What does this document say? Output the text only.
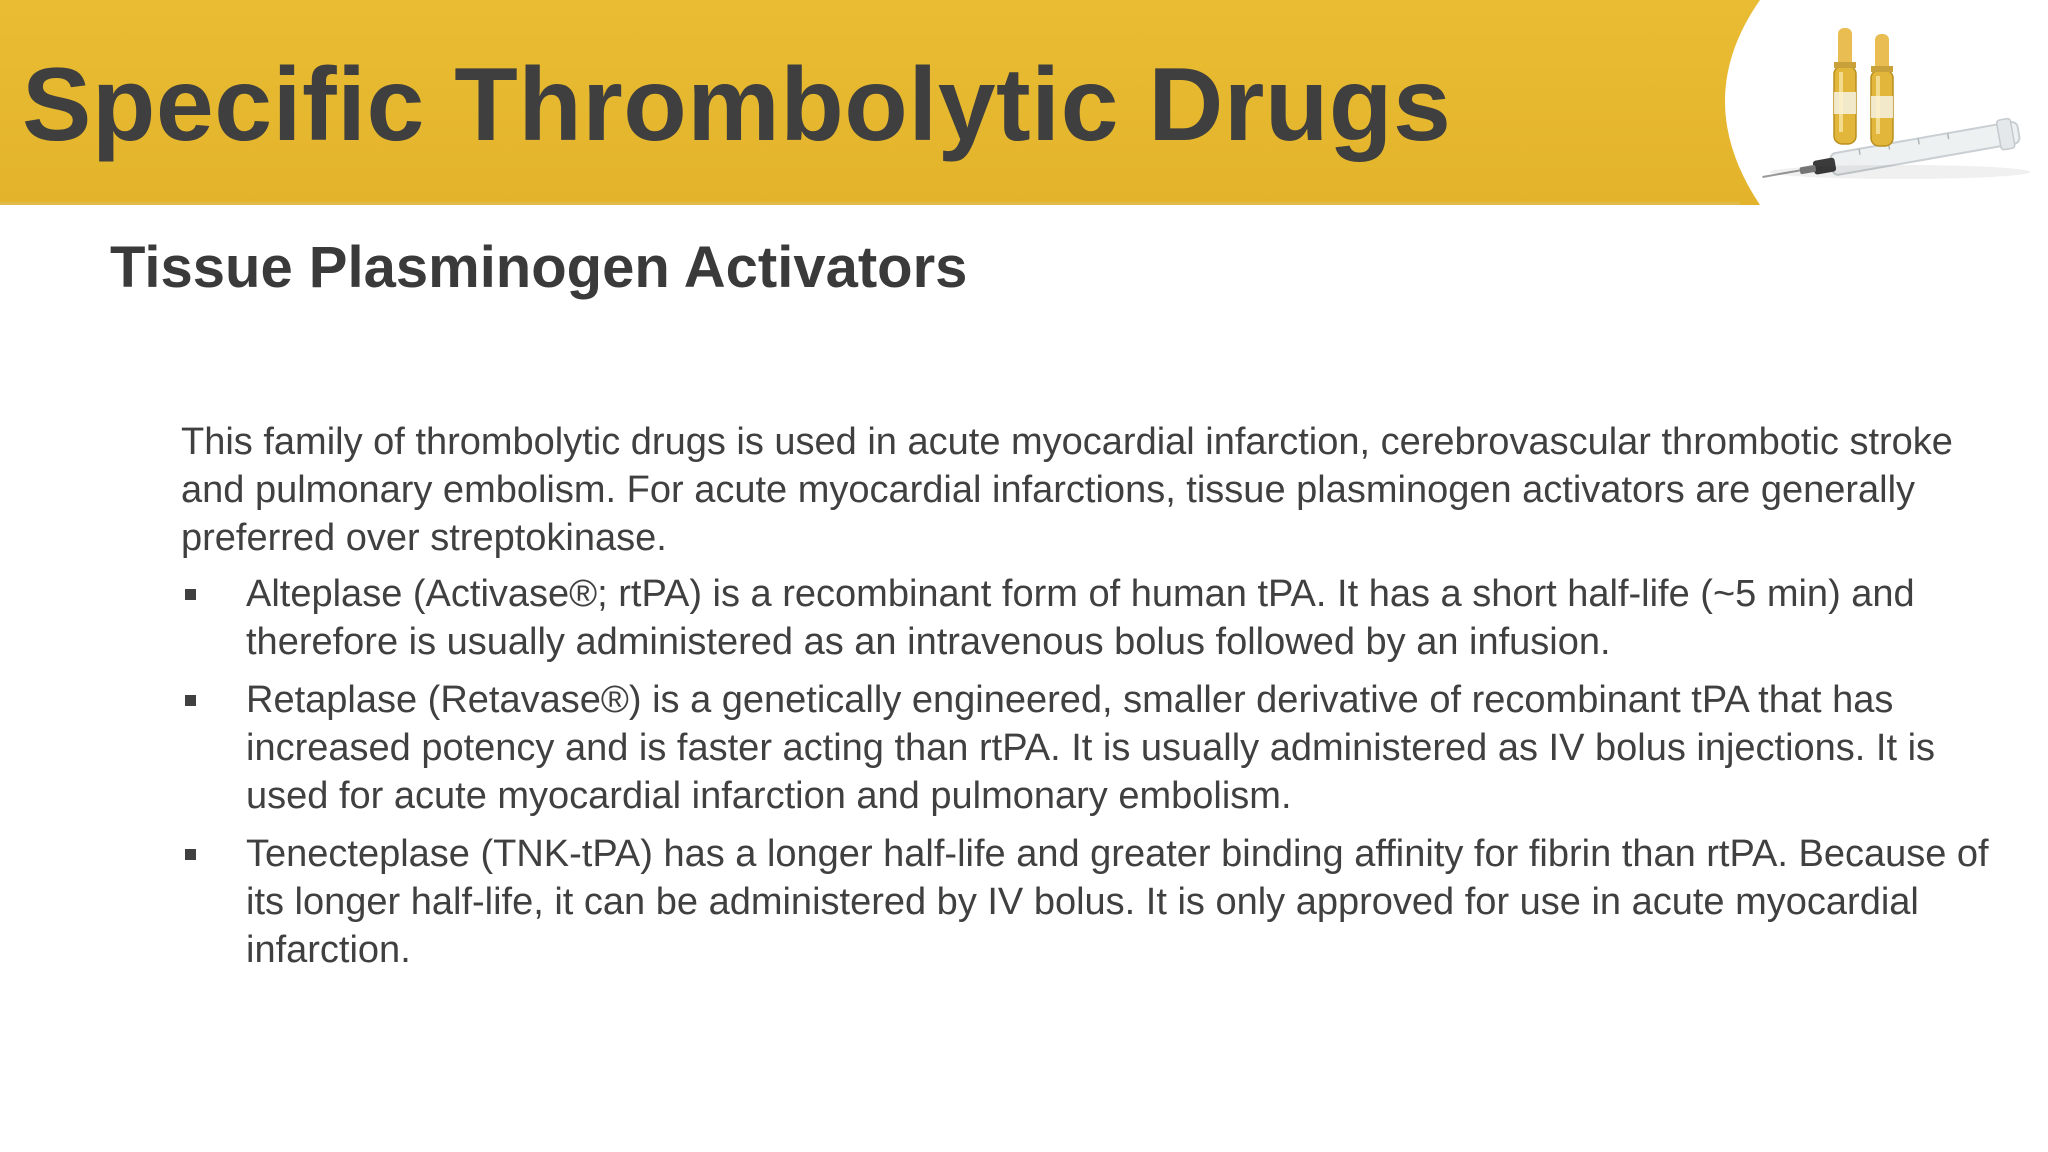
Specific Thrombolytic Drugs
Tissue Plasminogen Activators

This family of thrombolytic drugs is used in acute myocardial infarction, cerebrovascular thrombotic stroke and pulmonary embolism. For acute myocardial infarctions, tissue plasminogen activators are generally preferred over streptokinase.

Alteplase (Activase®; rtPA) is a recombinant form of human tPA. It has a short half-life (~5 min) and therefore is usually administered as an intravenous bolus followed by an infusion.
Retaplase (Retavase®) is a genetically engineered, smaller derivative of recombinant tPA that has increased potency and is faster acting than rtPA. It is usually administered as IV bolus injections. It is used for acute myocardial infarction and pulmonary embolism.
Tenecteplase (TNK-tPA) has a longer half-life and greater binding affinity for fibrin than rtPA. Because of its longer half-life, it can be administered by IV bolus. It is only approved for use in acute myocardial infarction.
